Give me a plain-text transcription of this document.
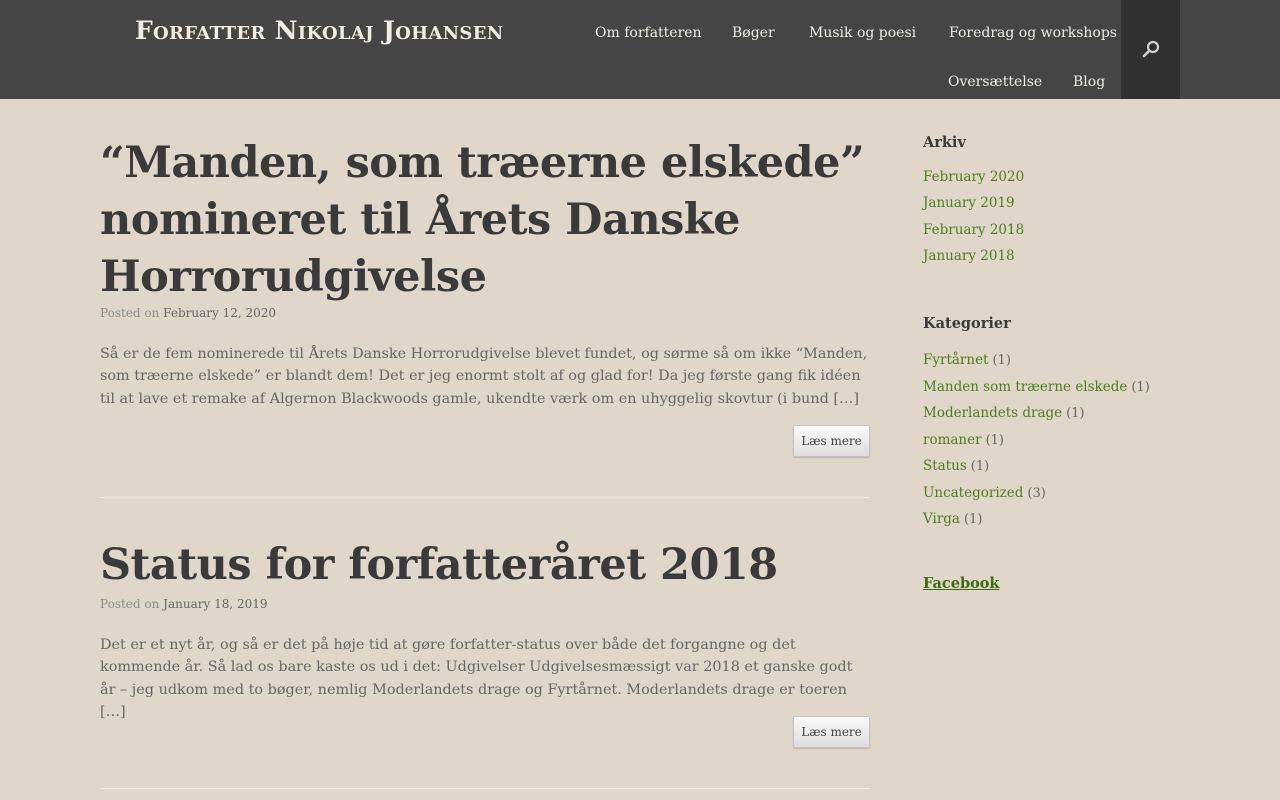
Forfatter Nikolaj Johansen	Om forfatteren Bøger Musik og poesi Foredrag og workshops
Oversættelse Blog
“Manden, som træerne elskede” nomineret til Årets Danske Horrorudgivelse
Posted on February 12, 2020

Så er de fem nominerede til Årets Danske Horrorudgivelse blevet fundet, og sørme så om ikke “Manden, som træerne elskede” er blandt dem! Det er jeg enormt stolt af og glad for! Da jeg første gang fik idéen til at lave et remake af Algernon Blackwoods gamle, ukendte værk om en uhyggelig skovtur (i bund […]

Læs mere
Status for forfatteråret 2018
Posted on January 18, 2019

Det er et nyt år, og så er det på høje tid at gøre forfatter-status over både det forgangne og det kommende år. Så lad os bare kaste os ud i det: Udgivelser Udgivelsesmæssigt var 2018 et ganske godt år – jeg udkom med to bøger, nemlig Moderlandets drage og Fyrtårnet. Moderlandets drage er toeren […]

Læs mere
Arkiv
February 2020
January 2019
February 2018
January 2018
Kategorier
Fyrtårnet (1)
Manden som træerne elskede (1)
Moderlandets drage (1)
romaner (1)
Status (1)
Uncategorized (3)
Virga (1)
Facebook
